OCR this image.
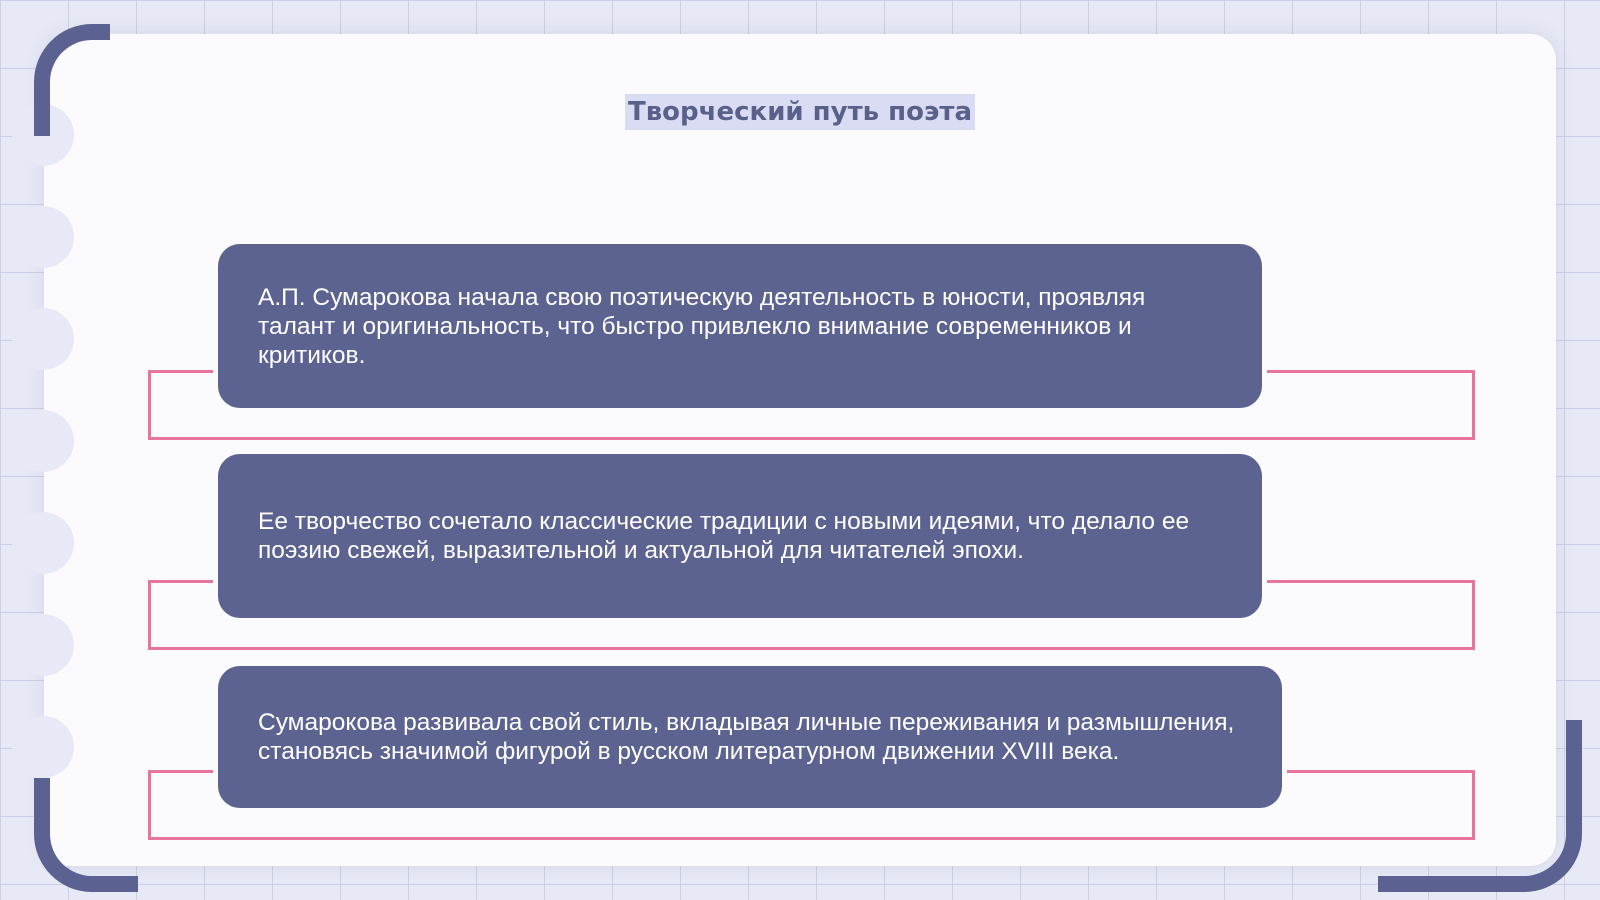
Творческий путь поэта

А.П. Сумарокова начала свою поэтическую деятельность в юности, проявляя талант и оригинальность, что быстро привлекло внимание современников и критиков.

Ее творчество сочетало классические традиции с новыми идеями, что делало ее поэзию свежей, выразительной и актуальной для читателей эпохи.

Сумарокова развивала свой стиль, вкладывая личные переживания и размышления, становясь значимой фигурой в русском литературном движении XVIII века.
